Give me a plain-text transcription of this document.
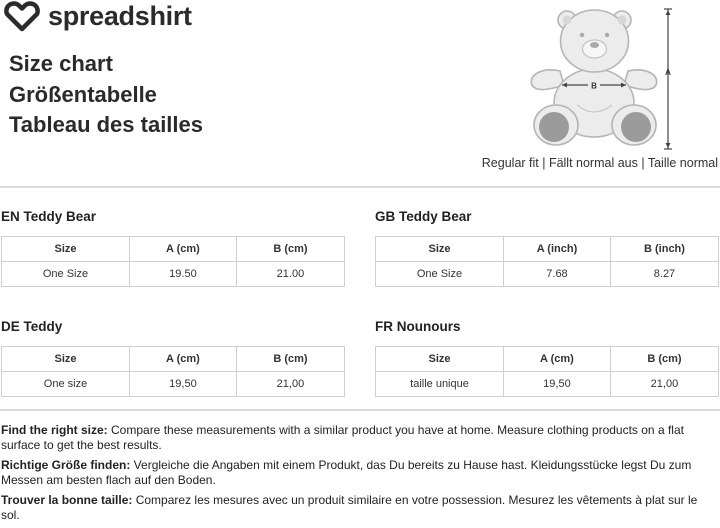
spreadshirt
Size chart
Größentabelle
Tableau des tailles
B
A
Regular fit | Fällt normal aus | Taille normal
EN Teddy Bear
Size	A (cm)	B (cm)
One Size	19.50	21.00
GB Teddy Bear
Size	A (inch)	B (inch)
One Size	7.68	8.27
DE Teddy
Size	A (cm)	B (cm)
One size	19,50	21,00
FR Nounours
Size	A (cm)	B (cm)
taille unique	19,50	21,00

Find the right size: Compare these measurements with a similar product you have at home. Measure clothing products on a flat surface to get the best results.

Richtige Größe finden: Vergleiche die Angaben mit einem Produkt, das Du bereits zu Hause hast. Kleidungsstücke legst Du zum Messen am besten flach auf den Boden.

Trouver la bonne taille: Comparez les mesures avec un produit similaire en votre possession. Mesurez les vêtements à plat sur le sol.
